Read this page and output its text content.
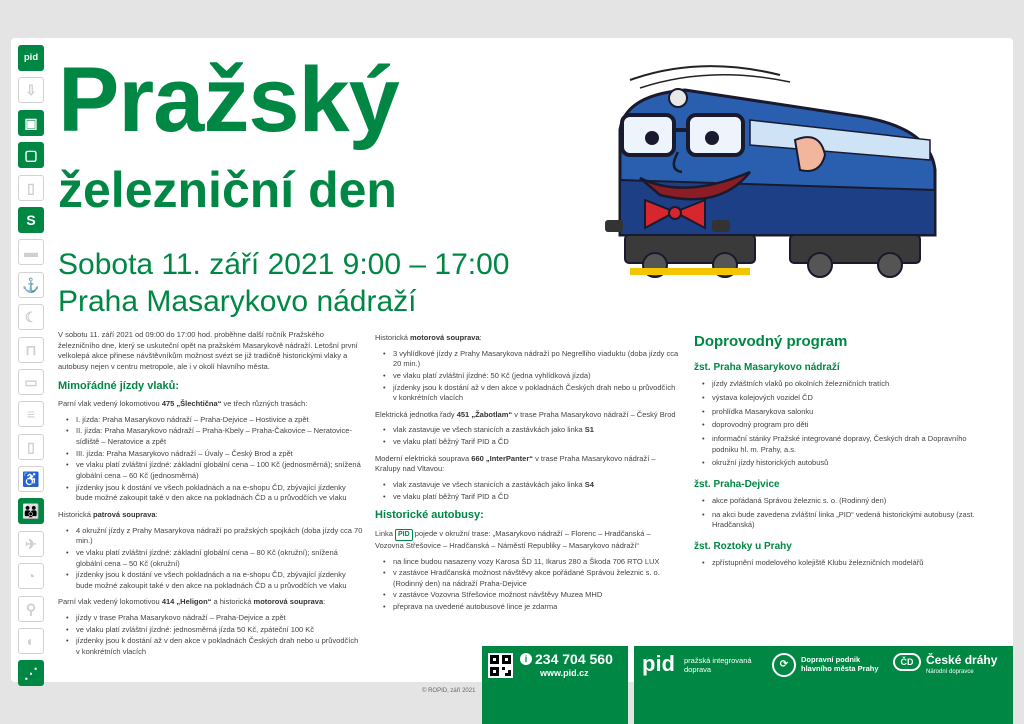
pid
⇩
▣
▢
▯
S
▬
⚓
☾
⊓
▭
≡
▯
♿
👪
✈
◔
⚲
◐
⋰
Pražský
železniční den
Sobota 11. září 2021 9:00 – 17:00
Praha Masarykovo nádraží

V sobotu 11. září 2021 od 09:00 do 17:00 hod. proběhne další ročník Pražského železničního dne, který se uskuteční opět na pražském Masarykově nádraží. Letošní první velkolepá akce přinese návštěvníkům možnost svézt se již tradičně historickými vlaky a autobusy nejen v centru metropole, ale i v okolí hlavního města.

Mimořádné jízdy vlaků:

Parní vlak vedený lokomotivou 475 „Šlechtična“ ve třech různých trasách:

• I. jízda: Praha Masarykovo nádraží – Praha-Dejvice – Hostivice a zpět
• II. jízda: Praha Masarykovo nádraží – Praha-Kbely – Praha-Čakovice – Neratovice-sídliště – Neratovice a zpět
• III. jízda: Praha Masarykovo nádraží – Úvaly – Český Brod a zpět
• ve vlaku platí zvláštní jízdné: základní globální cena – 100 Kč (jednosměrná); snížená globální cena – 60 Kč (jednosměrná)
• jízdenky jsou k dostání ve všech pokladnách a na e-shopu ČD, zbývající jízdenky bude možné zakoupit také v den akce na pokladnách ČD a u průvodčích ve vlaku

Historická patrová souprava:

• 4 okružní jízdy z Prahy Masarykova nádraží po pražských spojkách (doba jízdy cca 70 min.)
• ve vlaku platí zvláštní jízdné: základní globální cena – 80 Kč (okružní); snížená globální cena – 50 Kč (okružní)
• jízdenky jsou k dostání ve všech pokladnách a na e-shopu ČD, zbývající jízdenky bude možné zakoupit také v den akce na pokladnách ČD a u průvodčích ve vlaku

Parní vlak vedený lokomotivou 414 „Heligon“ a historická motorová souprava:

• jízdy v trase Praha Masarykovo nádraží – Praha-Dejvice a zpět
• ve vlaku platí zvláštní jízdné: jednosměrná jízda 50 Kč, zpáteční 100 Kč
• jízdenky jsou k dostání až v den akce v pokladnách Českých drah nebo u průvodčích v konkrétních vlacích

Historická motorová souprava:

• 3 vyhlídkové jízdy z Prahy Masarykova nádraží po Negrelliho viaduktu (doba jízdy cca 20 min.)
• ve vlaku platí zvláštní jízdné: 50 Kč (jedna vyhlídková jízda)
• jízdenky jsou k dostání až v den akce v pokladnách Českých drah nebo u průvodčích v konkrétních vlacích

Elektrická jednotka řady 451 „Žabotlam“ v trase Praha Masarykovo nádraží – Český Brod

• vlak zastavuje ve všech stanicích a zastávkách jako linka S1
• ve vlaku platí běžný Tarif PID a ČD

Moderní elektrická souprava 660 „InterPanter“ v trase Praha Masarykovo nádraží – Kralupy nad Vltavou:

• vlak zastavuje ve všech stanicích a zastávkách jako linka S4
• ve vlaku platí běžný Tarif PID a ČD
Historické autobusy:

Linka PID pojede v okružní trase: „Masarykovo nádraží – Florenc – Hradčanská – Vozovna Střešovice – Hradčanská – Náměstí Republiky – Masarykovo nádraží“

• na lince budou nasazeny vozy Karosa ŠD 11, Ikarus 280 a Škoda 706 RTO LUX
• v zastávce Hradčanská možnost návštěvy akce pořádané Správou železnic s. o. (Rodinný den) na nádraží Praha-Dejvice
• v zastávce Vozovna Střešovice možnost návštěvy Muzea MHD
• přeprava na uvedené autobusové lince je zdarma
Doprovodný program
žst. Praha Masarykovo nádraží
• jízdy zvláštních vlaků po okolních železničních tratích
• výstava kolejových vozidel ČD
• prohlídka Masarykova salonku
• doprovodný program pro děti
• informační stánky Pražské integrované dopravy, Českých drah a Dopravního podniku hl. m. Prahy, a.s.
• okružní jízdy historických autobusů
žst. Praha-Dejvice
• akce pořádaná Správou železnic s. o. (Rodinný den)
• na akci bude zavedena zvláštní linka „PID“ vedená historickými autobusy (zast. Hradčanská)
žst. Roztoky u Prahy
• zpřístupnění modelového kolejiště Klubu železničních modelářů
i 234 704 560
www.pid.cz pid pražská integrovaná
doprava	⟳	Dopravní podnik
hlavního města Prahy
ČD	České dráhy
Národní dopravce
© ROPID, září 2021
